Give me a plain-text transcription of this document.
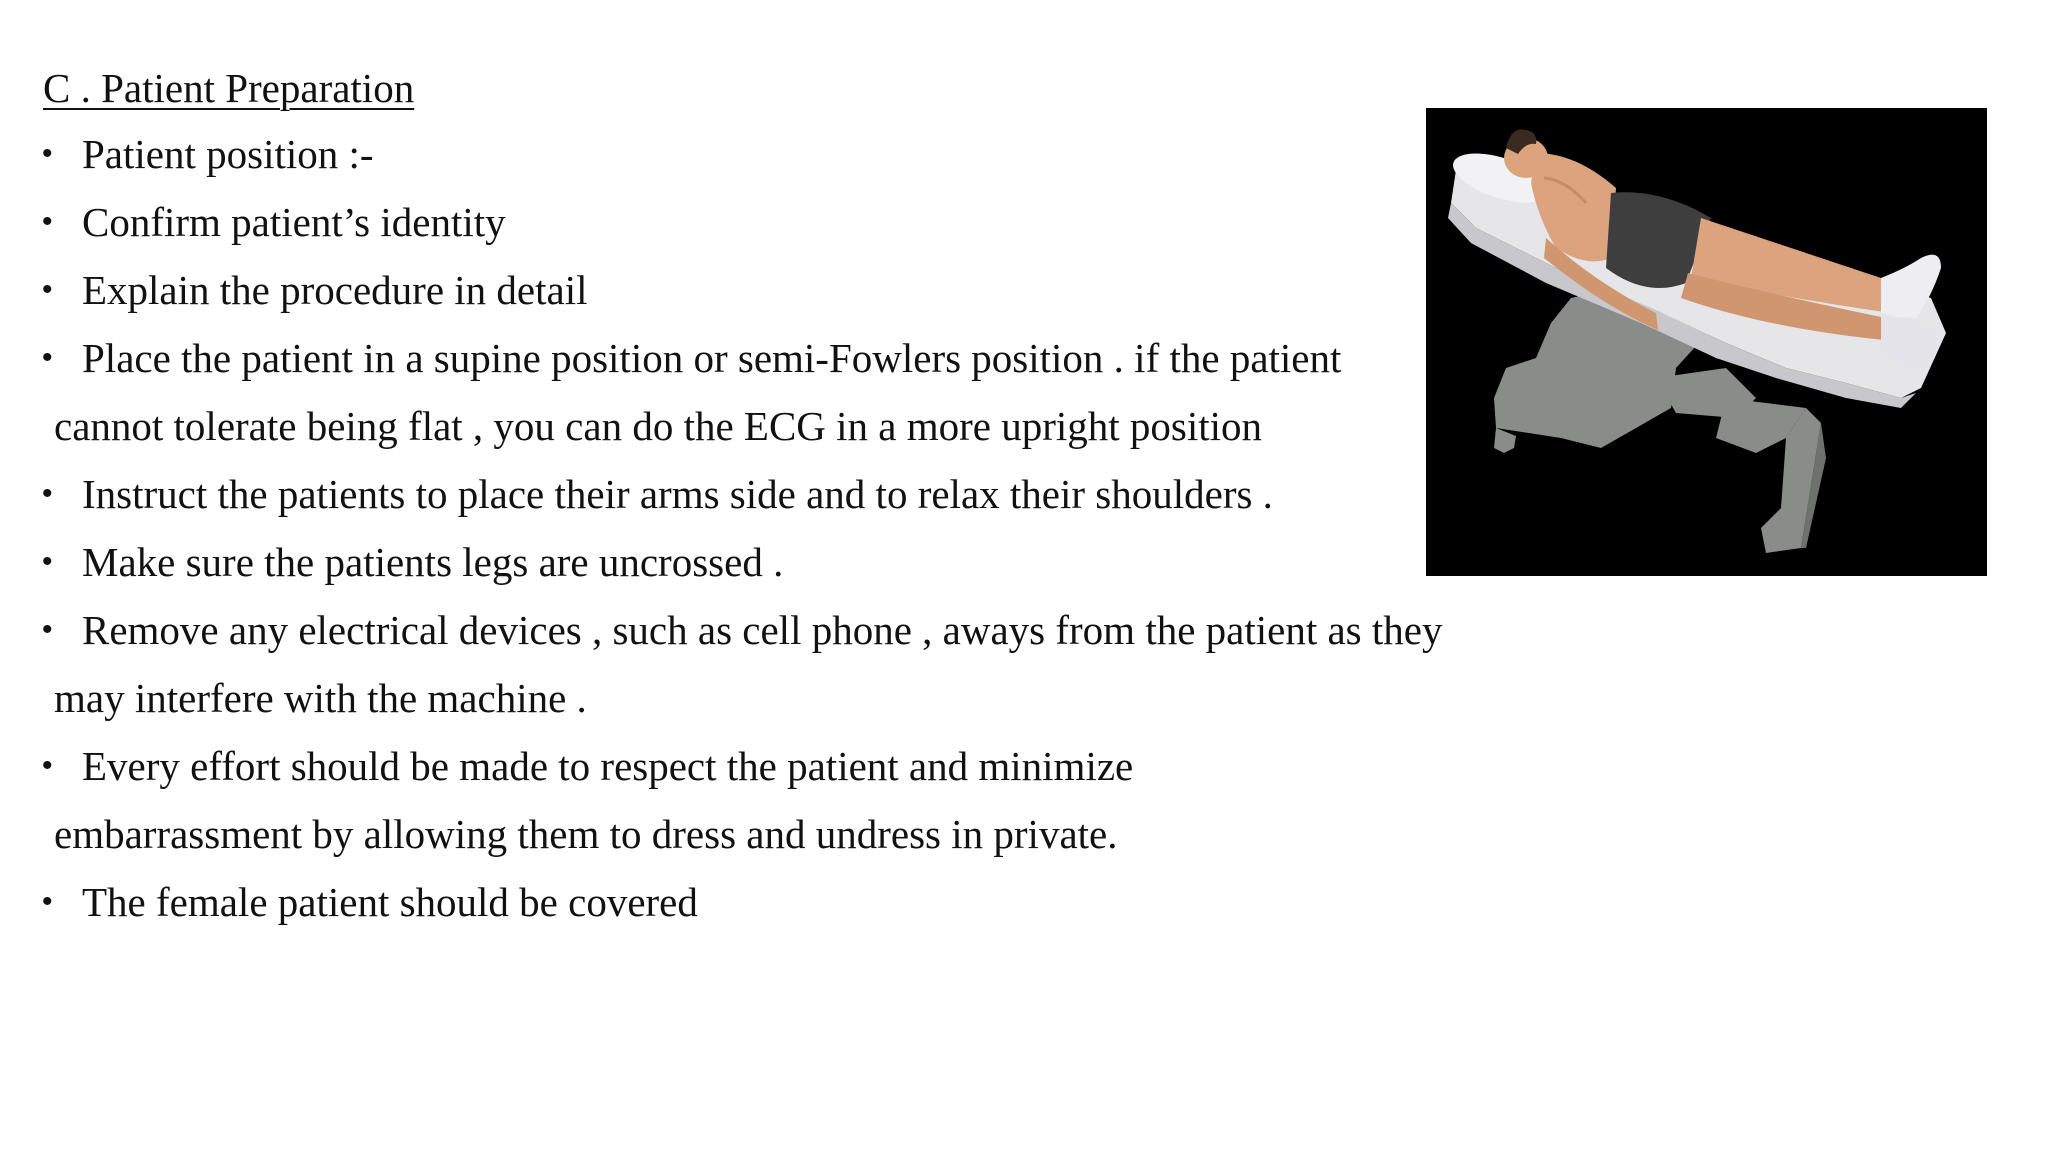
C . Patient Preparation
• Patient position :-
• Confirm patient’s identity
• Explain the procedure in detail
• Place the patient in a supine position or semi-Fowlers position . if the patient
cannot tolerate being flat , you can do the ECG in a more upright position
• Instruct the patients to place their arms side and to relax their shoulders .
• Make sure the patients legs are uncrossed .
• Remove any electrical devices , such as cell phone , aways from the patient as they
may interfere with the machine .
• Every effort should be made to respect the patient and minimize
embarrassment by allowing them to dress and undress in private.
• The female patient should be covered
